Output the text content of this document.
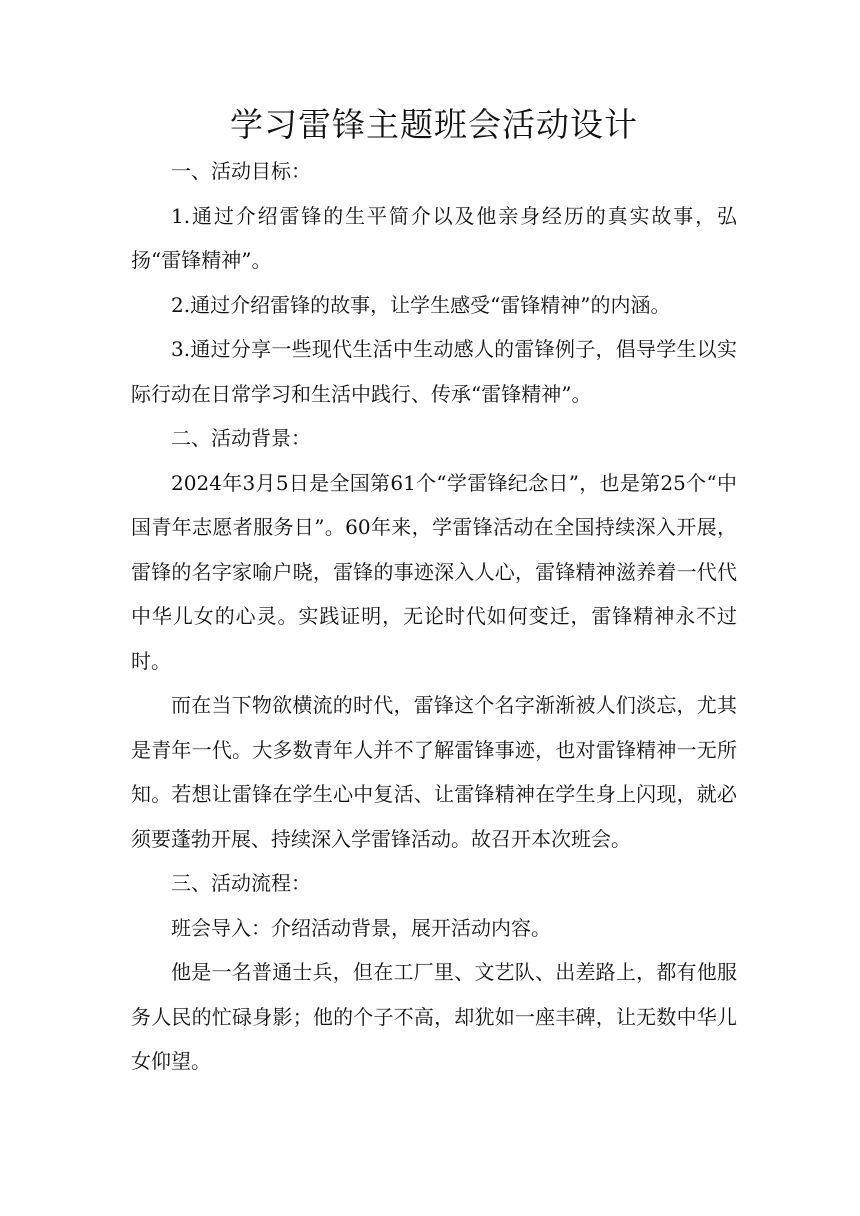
学习雷锋主题班会活动设计

一、活动目标：

1.通过介绍雷锋的生平简介以及他亲身经历的真实故事，弘扬“雷锋精神”。

2.通过介绍雷锋的故事，让学生感受“雷锋精神”的内涵。

3.通过分享一些现代生活中生动感人的雷锋例子，倡导学生以实际行动在日常学习和生活中践行、传承“雷锋精神”。

二、活动背景：

2024年3月5日是全国第61个“学雷锋纪念日”，也是第25个“中国青年志愿者服务日”。60年来，学雷锋活动在全国持续深入开展，雷锋的名字家喻户晓，雷锋的事迹深入人心，雷锋精神滋养着一代代中华儿女的心灵。实践证明，无论时代如何变迁，雷锋精神永不过时。

而在当下物欲横流的时代，雷锋这个名字渐渐被人们淡忘，尤其是青年一代。大多数青年人并不了解雷锋事迹，也对雷锋精神一无所知。若想让雷锋在学生心中复活、让雷锋精神在学生身上闪现，就必须要蓬勃开展、持续深入学雷锋活动。故召开本次班会。

三、活动流程：

班会导入：介绍活动背景，展开活动内容。

他是一名普通士兵，但在工厂里、文艺队、出差路上，都有他服务人民的忙碌身影；他的个子不高，却犹如一座丰碑，让无数中华儿女仰望。
